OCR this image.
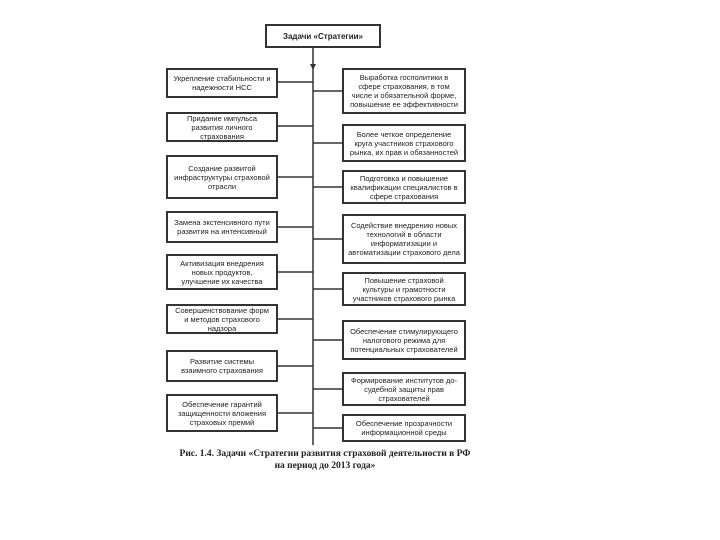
Задачи «Стратегии»
Укрепление стабильности и надежности НСС
Придание импульса развития личного страхования
Создание развитой инфраструктуры страховой отрасли
Замена экстенсивного пути развития на интенсивный
Активизация внедрения новых продуктов, улучшение их качества
Совершенствование форм и методов страхового надзора
Развитие системы взаимного страхования
Обеспечение гарантий защищенности вложения страховых премий
Выработка госполитики в сфере страхования, в том числе и обязательной форме, повышение ее эффективности
Более четкое определение круга участников страхового рынка, их прав и обязанностей
Подготовка и повышение квалификации специалистов в сфере страхования
Содействие внедрению новых технологий в области информатизации и автоматизации страхового дела
Повышение страховой культуры и грамотности участников страхового рынка
Обеспечение стимулирующего налогового режима для потенциальных страхователей
Формирование институтов до-судебной защиты прав страхователей
Обеспечение прозрачности информационной среды
Рис. 1.4. Задачи «Стратегии развития страховой деятельности в РФ
на период до 2013 года»
